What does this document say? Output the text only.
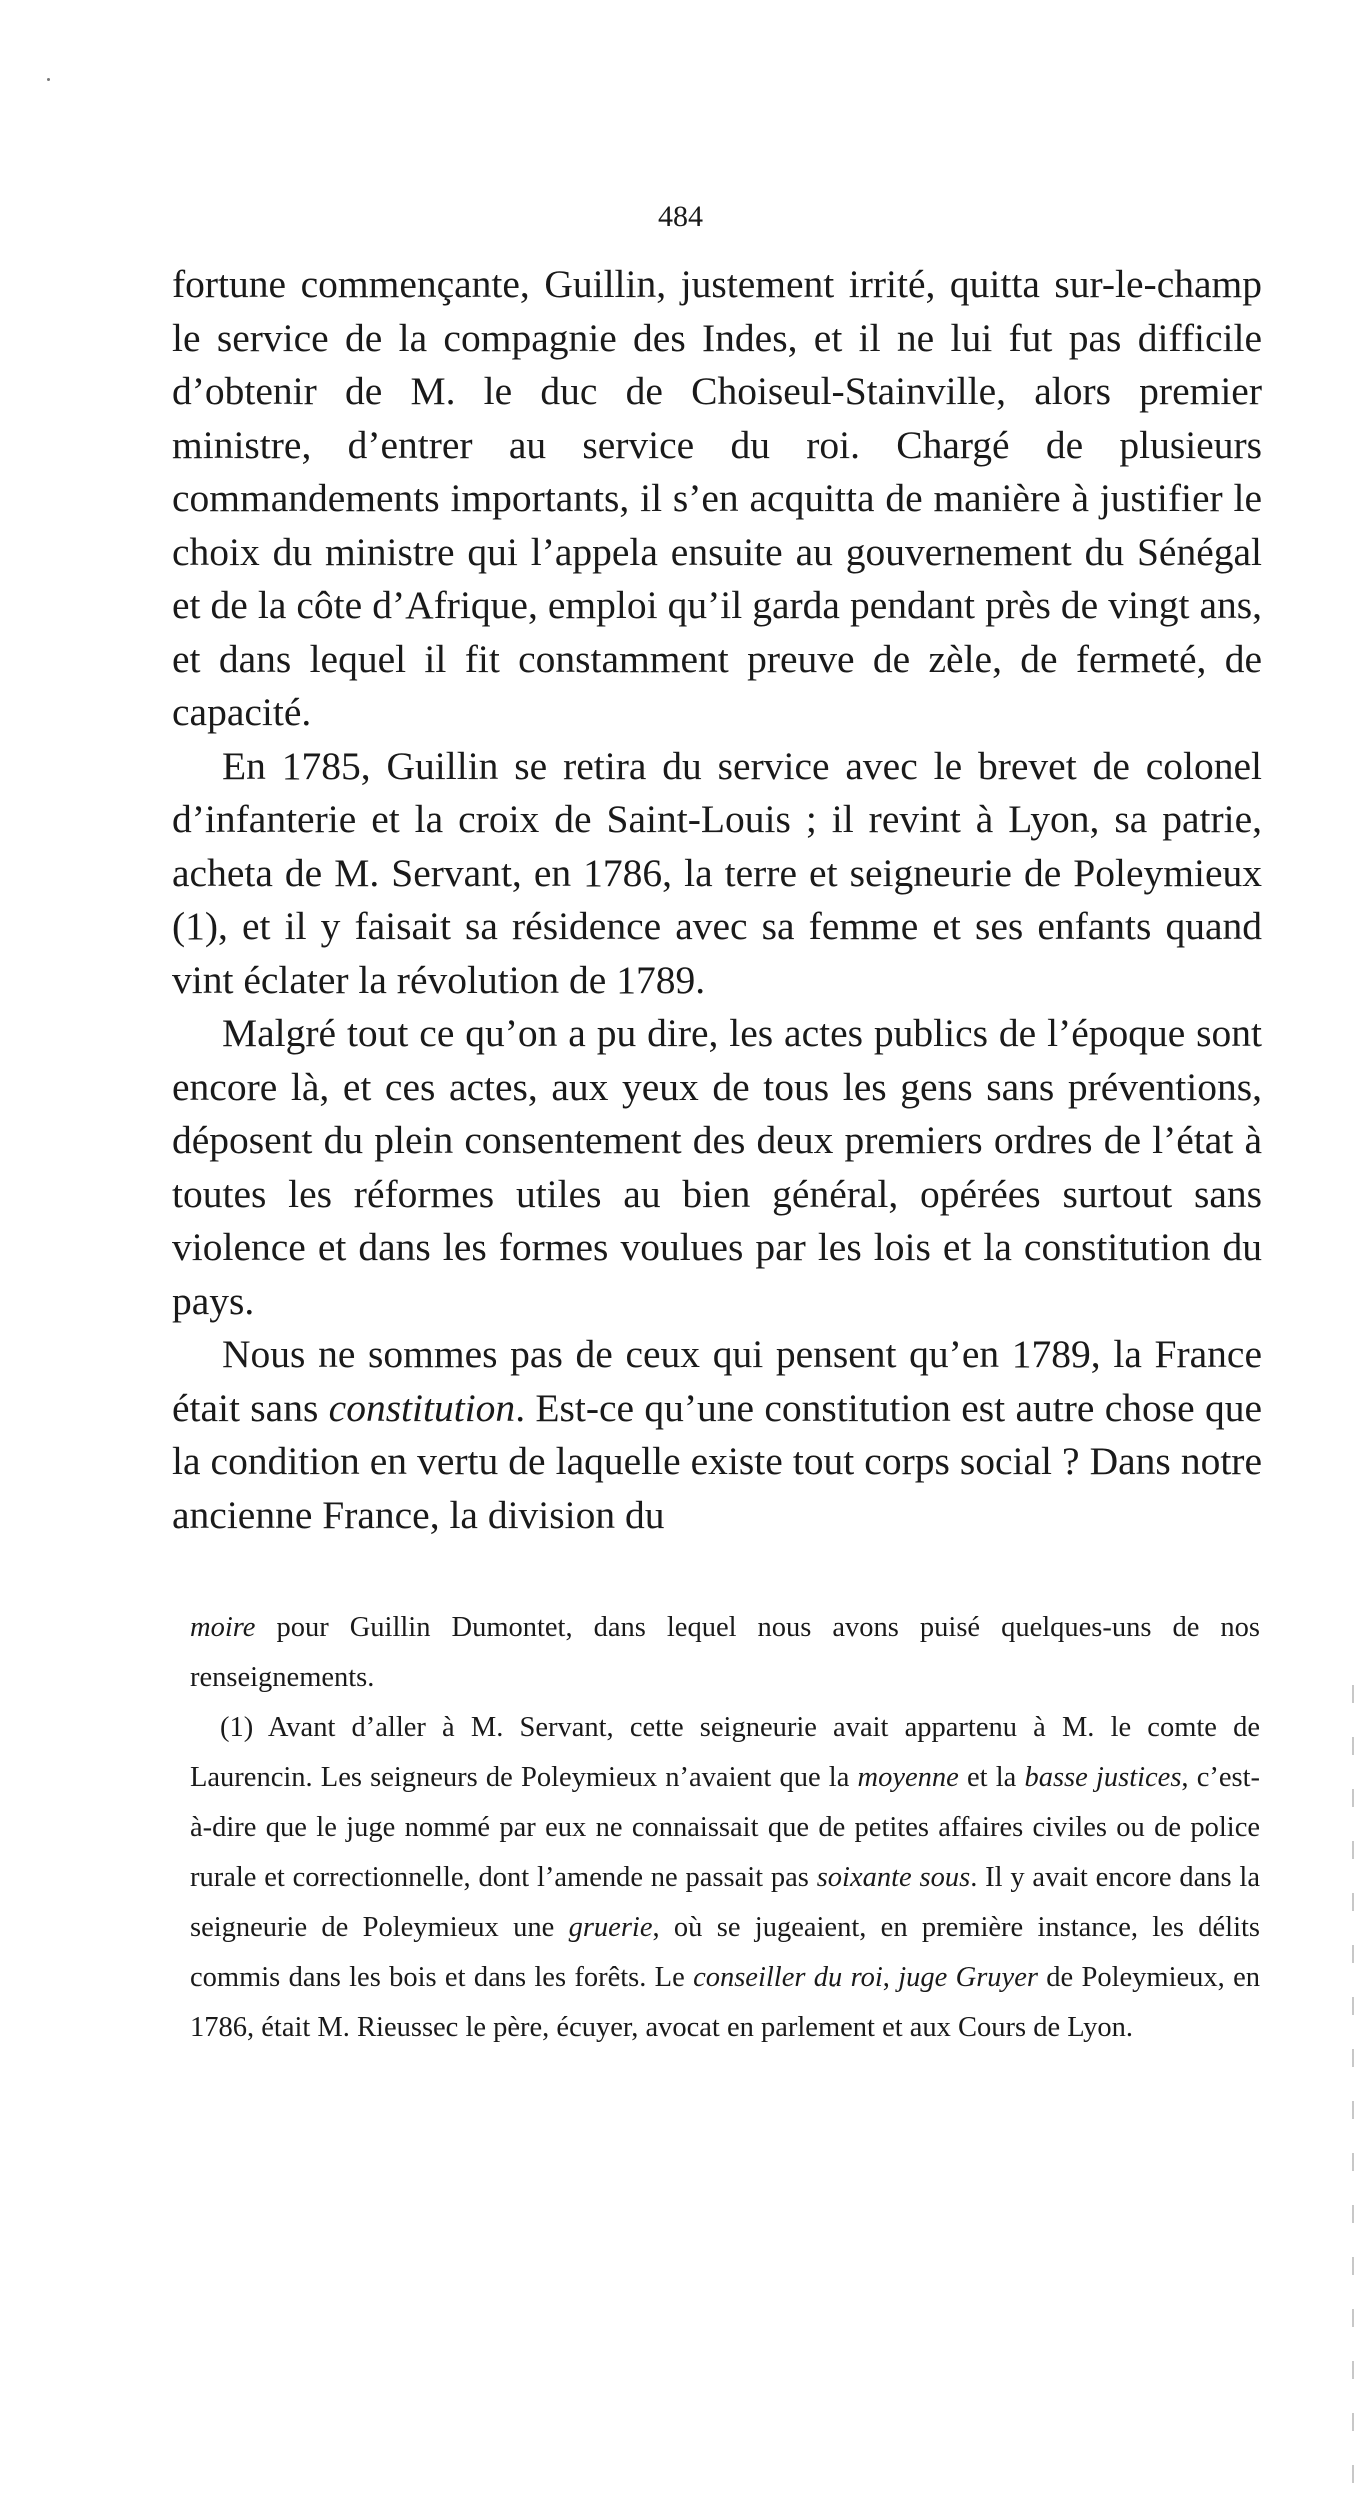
484

fortune commençante, Guillin, justement irrité, quitta sur-le-champ le service de la compagnie des Indes, et il ne lui fut pas difficile d’obtenir de M. le duc de Choiseul-Stainville, alors premier ministre, d’entrer au service du roi. Chargé de plusieurs commandements importants, il s’en acquitta de manière à justifier le choix du ministre qui l’appela ensuite au gouvernement du Sénégal et de la côte d’Afrique, emploi qu’il garda pendant près de vingt ans, et dans lequel il fit constamment preuve de zèle, de fermeté, de capacité.

En 1785, Guillin se retira du service avec le brevet de colonel d’infanterie et la croix de Saint-Louis ; il revint à Lyon, sa patrie, acheta de M. Servant, en 1786, la terre et seigneurie de Poleymieux (1), et il y faisait sa résidence avec sa femme et ses enfants quand vint éclater la révolution de 1789.

Malgré tout ce qu’on a pu dire, les actes publics de l’époque sont encore là, et ces actes, aux yeux de tous les gens sans préventions, déposent du plein consentement des deux premiers ordres de l’état à toutes les réformes utiles au bien général, opérées surtout sans violence et dans les formes voulues par les lois et la constitution du pays.

Nous ne sommes pas de ceux qui pensent qu’en 1789, la France était sans constitution. Est-ce qu’une constitution est autre chose que la condition en vertu de laquelle existe tout corps social ? Dans notre ancienne France, la division du

moire pour Guillin Dumontet, dans lequel nous avons puisé quelques-uns de nos renseignements.

(1) Avant d’aller à M. Servant, cette seigneurie avait appartenu à M. le comte de Laurencin. Les seigneurs de Poleymieux n’avaient que la moyenne et la basse justices, c’est-à-dire que le juge nommé par eux ne connaissait que de petites affaires civiles ou de police rurale et correctionnelle, dont l’amende ne passait pas soixante sous. Il y avait encore dans la seigneurie de Poleymieux une gruerie, où se jugeaient, en première instance, les délits commis dans les bois et dans les forêts. Le conseiller du roi, juge Gruyer de Poleymieux, en 1786, était M. Rieussec le père, écuyer, avocat en parlement et aux Cours de Lyon.
